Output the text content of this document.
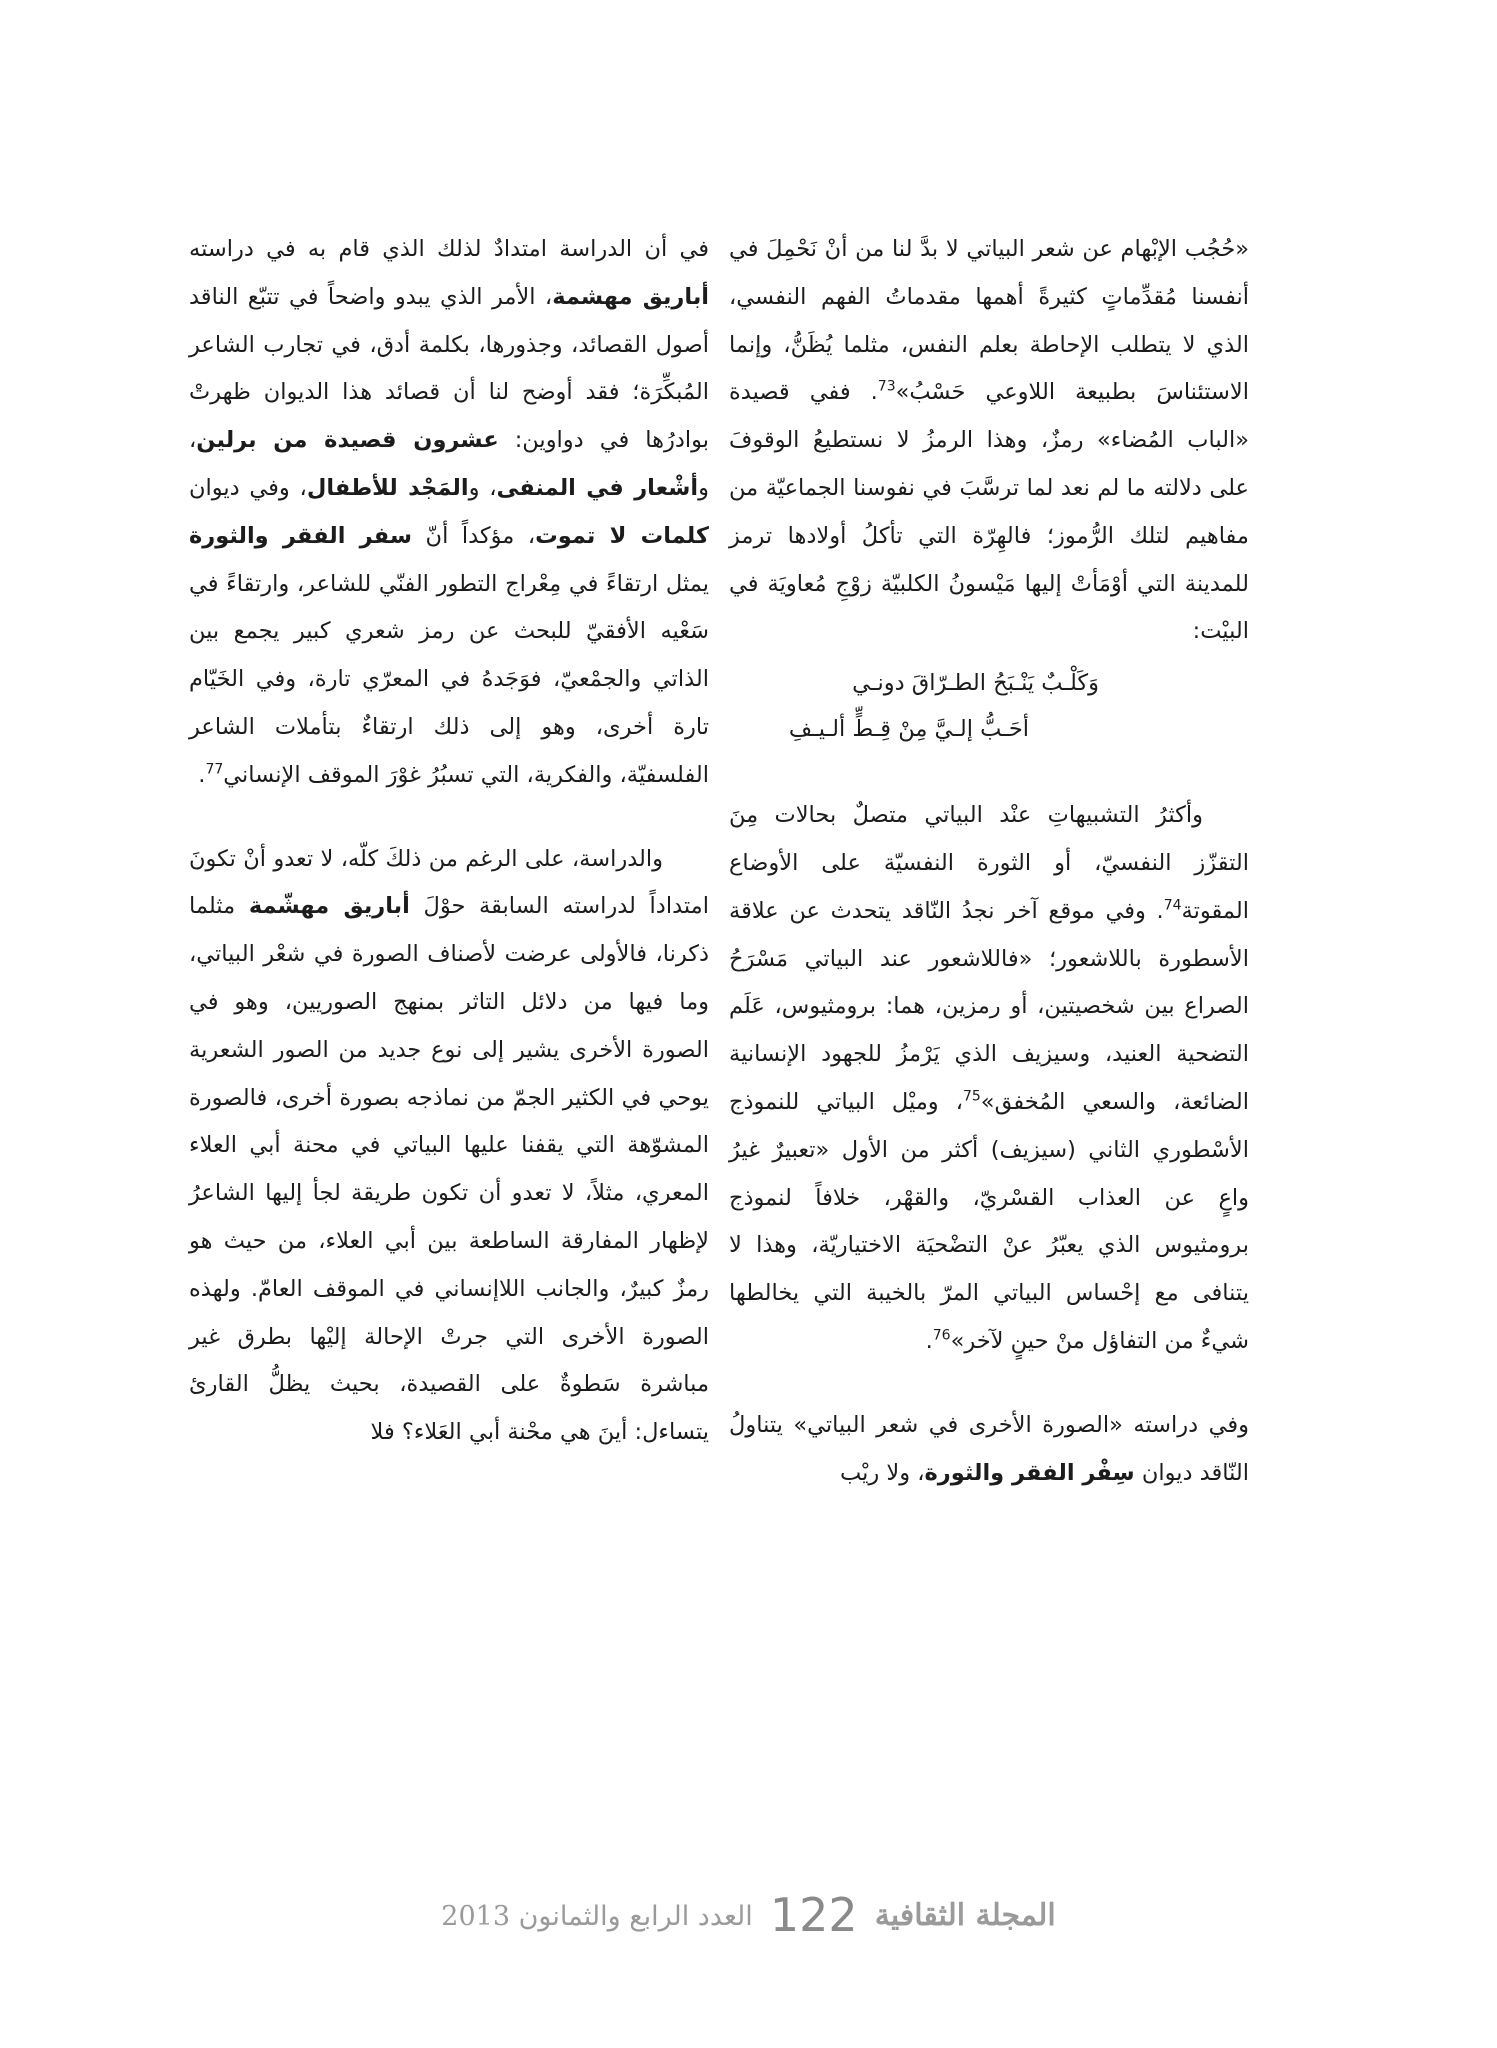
«حُجُب الإبْهام عن شعر البياتي لا بدَّ لنا من أنْ نَحْمِلَ في أنفسنا مُقدِّماتٍ كثيرةً أهمها مقدماتُ الفهم النفسي، الذي لا يتطلب الإحاطة بعلم النفس، مثلما يُظَنُّ، وإنما الاستئناسَ بطبيعة اللاوعي حَسْبُ»$^{73}$. ففي قصيدة «الباب المُضاء» رمزٌ، وهذا الرمزُ لا نستطيعُ الوقوفَ على دلالته ما لم نعد لما ترسَّبَ في نفوسنا الجماعيّة من مفاهيم لتلك الرُّموز؛ فالهِرّة التي تأكلُ أولادها ترمز للمدينة التي أوْمَأتْ إليها مَيْسونُ الكلبيّة زوْجِ مُعاويَة في البيْت:

وَكَلْـبٌ يَنْـبَحُ الطـرّاقَ دونـي
أحَـبُّ إلـيَّ مِنْ قِـطٍّ ألـيـفِ

وأكثرُ التشبيهاتِ عنْد البياتي متصلٌ بحالات مِنَ التقزّز النفسيّ، أو الثورة النفسيّة على الأوضاع المقوتة$^{74}$. وفي موقع آخر نجدُ النّاقد يتحدث عن علاقة الأسطورة باللاشعور؛ «فاللاشعور عند البياتي مَسْرَحُ الصراع بين شخصيتين، أو رمزين، هما: برومثيوس، عَلَم التضحية العنيد، وسيزيف الذي يَرْمزُ للجهود الإنسانية الضائعة، والسعي المُخفق»$^{75}$، وميْل البياتي للنموذج الأسْطوري الثاني (سيزيف) أكثر من الأول «تعبيرٌ غيرُ واعٍ عن العذاب القسْريّ، والقهْر، خلافاً لنموذج برومثيوس الذي يعبّرُ عنْ التضْحيَة الاختياريّة، وهذا لا يتنافى مع إحْساس البياتي المرّ بالخيبة التي يخالطها شيءٌ من التفاؤل منْ حينٍ لآخر»$^{76}$.

وفي دراسته «الصورة الأخرى في شعر البياتي» يتناولُ النّاقد ديوان سِفْر الفقر والثورة، ولا ريْب

في أن الدراسة امتدادٌ لذلك الذي قام به في دراسته أباريق مهشمة، الأمر الذي يبدو واضحاً في تتبّع الناقد أصول القصائد، وجذورها، بكلمة أدق، في تجارب الشاعر المُبكِّرَة؛ فقد أوضح لنا أن قصائد هذا الديوان ظهرتْ بوادرُها في دواوين: عشرون قصيدة من برلين، وأشْعار في المنفى، والمَجْد للأطفال، وفي ديوان كلمات لا تموت، مؤكداً أنّ سفر الفقر والثورة يمثل ارتقاءً في مِعْراج التطور الفنّي للشاعر، وارتقاءً في سَعْيه الأفقيّ للبحث عن رمز شعري كبير يجمع بين الذاتي والجمْعيّ، فوَجَدهُ في المعرّي تارة، وفي الخَيّام تارة أخرى، وهو إلى ذلك ارتقاءٌ بتأملات الشاعر الفلسفيّة، والفكرية، التي تسبُرُ غوْرَ الموقف الإنساني$^{77}$.

والدراسة، على الرغم من ذلكَ كلّه، لا تعدو أنْ تكونَ امتداداً لدراسته السابقة حوْلَ أباريق مهشّمة مثلما ذكرنا، فالأولى عرضت لأصناف الصورة في شعْر البياتي، وما فيها من دلائل التاثر بمنهج الصوريين، وهو في الصورة الأخرى يشير إلى نوع جديد من الصور الشعرية يوحي في الكثير الجمّ من نماذجه بصورة أخرى، فالصورة المشوّهة التي يقفنا عليها البياتي في محنة أبي العلاء المعري، مثلاً، لا تعدو أن تكون طريقة لجأ إليها الشاعرُ لإظهار المفارقة الساطعة بين أبي العلاء، من حيث هو رمزٌ كبيرٌ، والجانب اللاإنساني في الموقف العامّ. ولهذه الصورة الأخرى التي جرتْ الإحالة إليْها بطرق غير مباشرة سَطوةٌ على القصيدة، بحيث يظلُّ القارئ يتساءل: أينَ هي محْنة أبي العَلاء؟ فلا

المجلة الثقافية 122 العدد الرابع والثمانون 2013
